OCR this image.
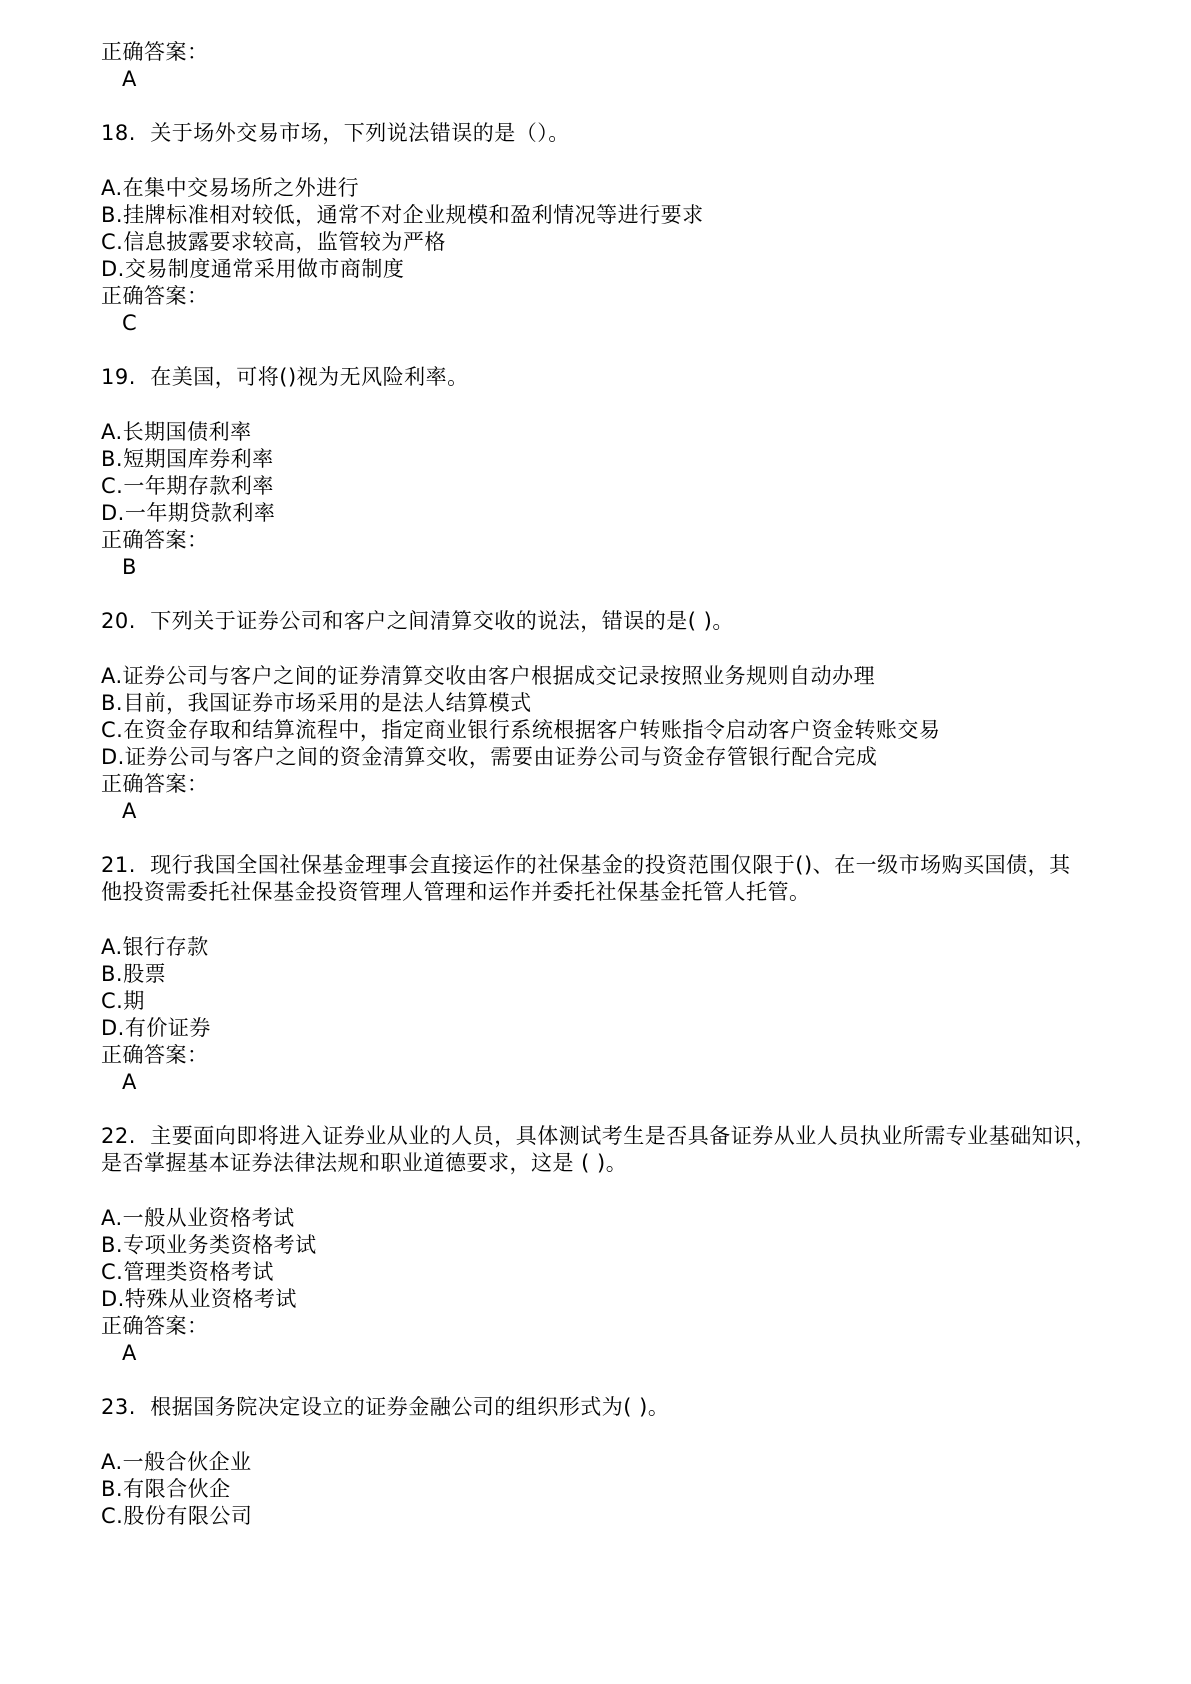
正确答案：
A
18. 关于场外交易市场，下列说法错误的是（）。
A.在集中交易场所之外进行
B.挂牌标准相对较低，通常不对企业规模和盈利情况等进行要求
C.信息披露要求较高，监管较为严格
D.交易制度通常采用做市商制度
正确答案：
C
19. 在美国，可将()视为无风险利率。
A.长期国债利率
B.短期国库券利率
C.一年期存款利率
D.一年期贷款利率
正确答案：
B
20. 下列关于证券公司和客户之间清算交收的说法，错误的是( )。
A.证券公司与客户之间的证券清算交收由客户根据成交记录按照业务规则自动办理
B.目前，我国证券市场采用的是法人结算模式
C.在资金存取和结算流程中，指定商业银行系统根据客户转账指令启动客户资金转账交易
D.证券公司与客户之间的资金清算交收，需要由证券公司与资金存管银行配合完成
正确答案：
A
21. 现行我国全国社保基金理事会直接运作的社保基金的投资范围仅限于()、在一级市场购买国债，其
他投资需委托社保基金投资管理人管理和运作并委托社保基金托管人托管。
A.银行存款
B.股票
C.期
D.有价证券
正确答案：
A
22. 主要面向即将进入证券业从业的人员，具体测试考生是否具备证券从业人员执业所需专业基础知识，
是否掌握基本证券法律法规和职业道德要求，这是 ( )。
A.一般从业资格考试
B.专项业务类资格考试
C.管理类资格考试
D.特殊从业资格考试
正确答案：
A
23. 根据国务院决定设立的证券金融公司的组织形式为( )。
A.一般合伙企业
B.有限合伙企
C.股份有限公司
